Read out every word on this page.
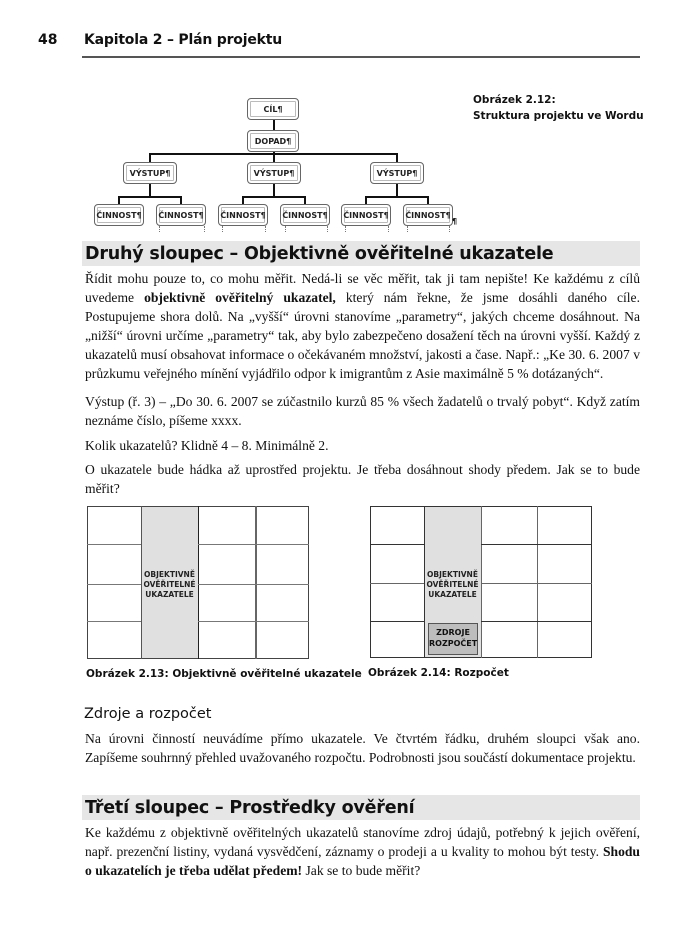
48 Kapitola 2 – Plán projektu
CÍL¶
DOPAD¶
VÝSTUP¶	VÝSTUP¶	VÝSTUP¶
ČINNOST¶ ČINNOST¶ ČINNOST¶ ČINNOST¶ ČINNOST¶ ČINNOST¶
¶
Obrázek 2.12:
Struktura projektu ve Wordu
Druhý sloupec – Objektivně ověřitelné ukazatele
Řídit mohu pouze to, co mohu měřit. Nedá-li se věc měřit, tak ji tam nepište! Ke každému z cílů uvedeme objektivně ověřitelný ukazatel, který nám řekne, že jsme dosáhli daného cíle. Postupujeme shora dolů. Na „vyšší“ úrovni stanovíme „parametry“, jakých chceme dosáhnout. Na „nižší“ úrovni určíme „parametry“ tak, aby bylo zabezpečeno dosažení těch na úrovni vyšší. Každý z ukazatelů musí obsahovat informace o očekávaném množství, jakosti a čase. Např.: „Ke 30. 6. 2007 v průzkumu veřejného mínění vyjádřilo odpor k imigrantům z Asie maximálně 5 % dotázaných“.
Výstup (ř. 3) – „Do 30. 6. 2007 se zúčastnilo kurzů 85 % všech žadatelů o trvalý pobyt“. Když zatím neznáme číslo, píšeme xxxx.
Kolik ukazatelů? Klidně 4 – 8. Minimálně 2.
O ukazatele bude hádka až uprostřed projektu. Je třeba dosáhnout shody předem. Jak se to bude měřit?
OBJEKTIVNĚ
OVĚŘITELNÉ
UKAZATELE
Obrázek 2.13: Objektivně ověřitelné ukazatele
OBJEKTIVNĚ
OVĚŘITELNÉ
UKAZATELE
ZDROJE
ROZPOČET
Obrázek 2.14: Rozpočet
Zdroje a rozpočet
Na úrovni činností neuvádíme přímo ukazatele. Ve čtvrtém řádku, druhém sloupci však ano. Zapíšeme souhrnný přehled uvažovaného rozpočtu. Podrobnosti jsou součástí dokumentace projektu.
Třetí sloupec – Prostředky ověření
Ke každému z objektivně ověřitelných ukazatelů stanovíme zdroj údajů, potřebný k jejich ověření, např. prezenční listiny, vydaná vysvědčení, záznamy o prodeji a u kvality to mohou být testy. Shodu o ukazatelích je třeba udělat předem! Jak se to bude měřit?
